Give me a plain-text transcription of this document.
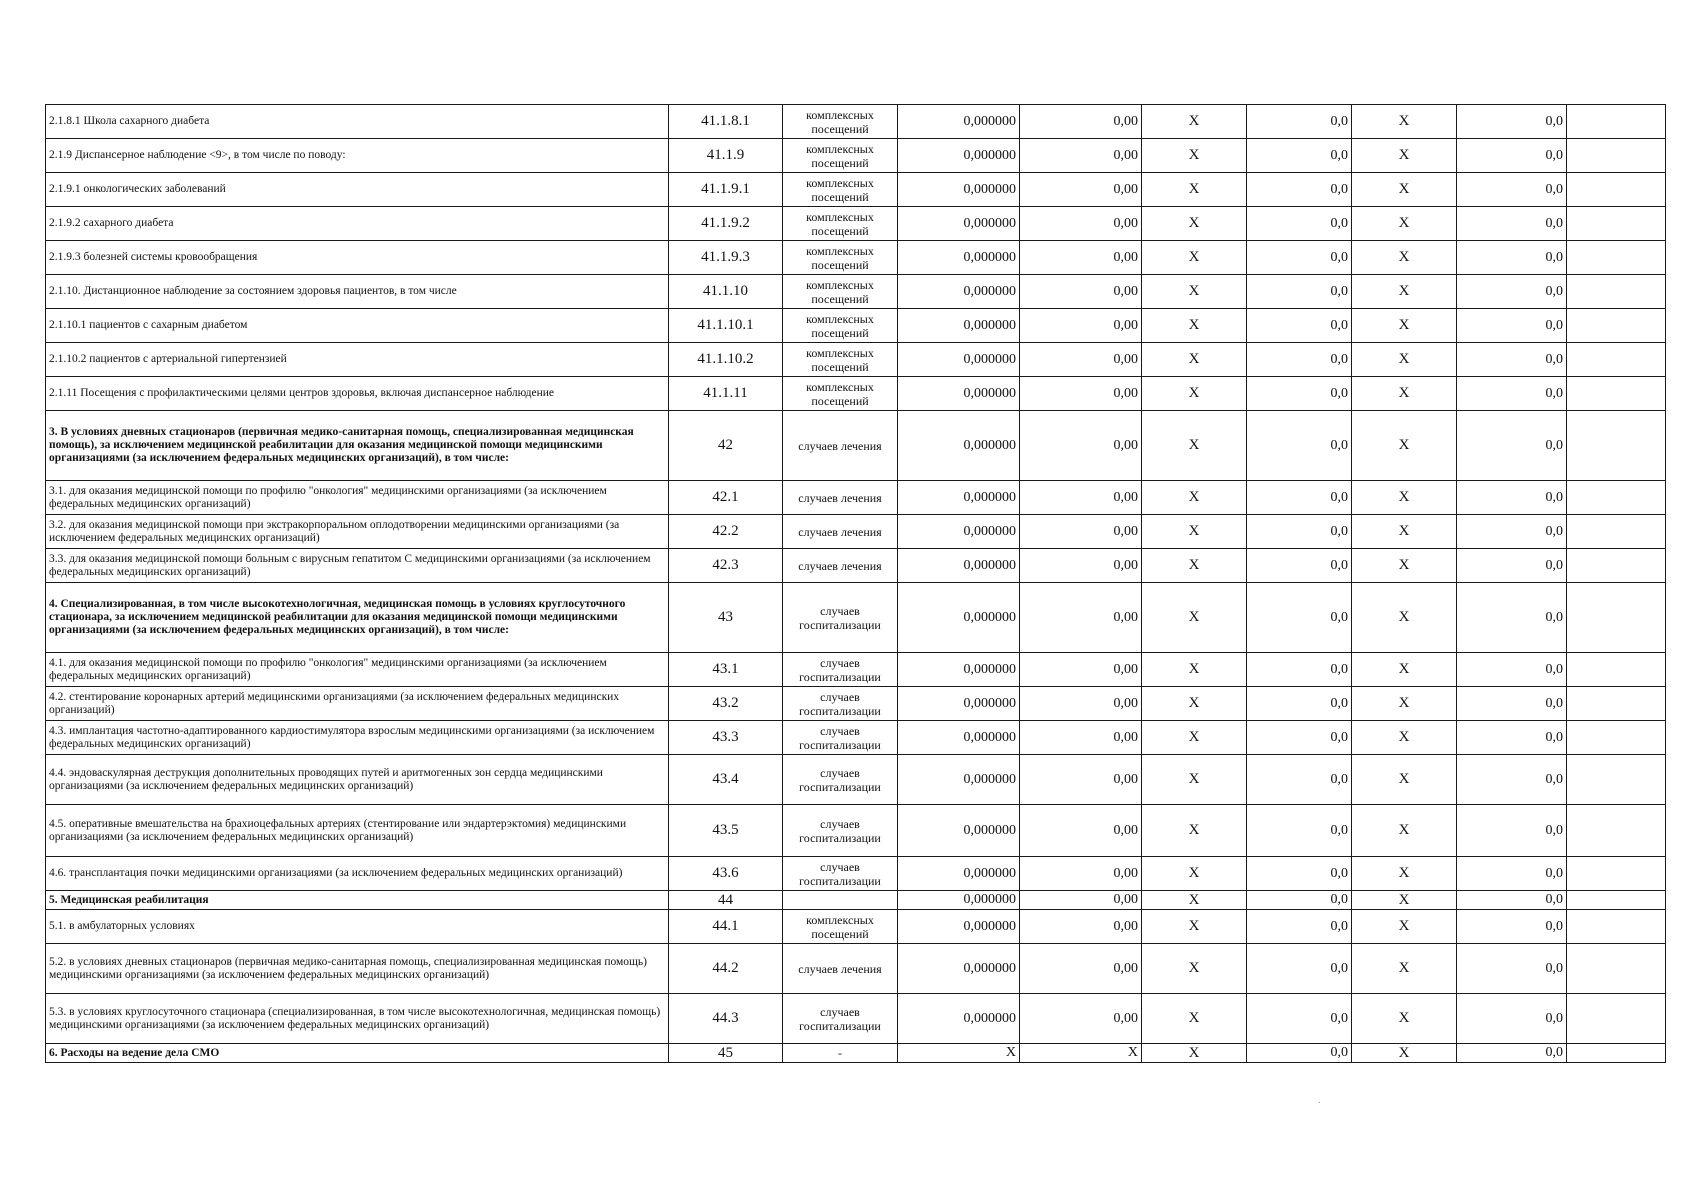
2.1.8.1 Школа сахарного диабета	41.1.8.1	комплексных посещений	0,000000	0,00	X	0,0	X	0,0	
2.1.9 Диспансерное наблюдение <9>, в том числе по поводу:	41.1.9	комплексных посещений	0,000000	0,00	X	0,0	X	0,0	
2.1.9.1 онкологических заболеваний	41.1.9.1	комплексных посещений	0,000000	0,00	X	0,0	X	0,0	
2.1.9.2 сахарного диабета	41.1.9.2	комплексных посещений	0,000000	0,00	X	0,0	X	0,0	
2.1.9.3 болезней системы кровообращения	41.1.9.3	комплексных посещений	0,000000	0,00	X	0,0	X	0,0	
2.1.10. Дистанционное наблюдение за состоянием здоровья пациентов, в том числе	41.1.10	комплексных посещений	0,000000	0,00	X	0,0	X	0,0	
2.1.10.1 пациентов с сахарным диабетом	41.1.10.1	комплексных посещений	0,000000	0,00	X	0,0	X	0,0	
2.1.10.2 пациентов с артериальной гипертензией	41.1.10.2	комплексных посещений	0,000000	0,00	X	0,0	X	0,0	
2.1.11 Посещения с профилактическими целями центров здоровья, включая диспансерное наблюдение	41.1.11	комплексных посещений	0,000000	0,00	X	0,0	X	0,0	
3. В условиях дневных стационаров (первичная медико-санитарная помощь, специализированная медицинская помощь), за исключением медицинской реабилитации для оказания медицинской помощи медицинскими организациями (за исключением федеральных медицинских организаций), в том числе:	42	случаев лечения	0,000000	0,00	X	0,0	X	0,0	
3.1. для оказания медицинской помощи по профилю "онкология" медицинскими организациями (за исключением федеральных медицинских организаций)	42.1	случаев лечения	0,000000	0,00	X	0,0	X	0,0	
3.2. для оказания медицинской помощи при экстракорпоральном оплодотворении медицинскими организациями (за исключением федеральных медицинских организаций)	42.2	случаев лечения	0,000000	0,00	X	0,0	X	0,0	
3.3. для оказания медицинской помощи больным с вирусным гепатитом С медицинскими организациями (за исключением федеральных медицинских организаций)	42.3	случаев лечения	0,000000	0,00	X	0,0	X	0,0	
4. Специализированная, в том числе высокотехнологичная, медицинская помощь в условиях круглосуточного стационара, за исключением медицинской реабилитации для оказания медицинской помощи медицинскими организациями (за исключением федеральных медицинских организаций), в том числе:	43	случаев госпитализации	0,000000	0,00	X	0,0	X	0,0	
4.1. для оказания медицинской помощи по профилю "онкология" медицинскими организациями (за исключением федеральных медицинских организаций)	43.1	случаев госпитализации	0,000000	0,00	X	0,0	X	0,0	
4.2. стентирование коронарных артерий медицинскими организациями (за исключением федеральных медицинских организаций)	43.2	случаев госпитализации	0,000000	0,00	X	0,0	X	0,0	
4.3. имплантация частотно-адаптированного кардиостимулятора взрослым медицинскими организациями (за исключением федеральных медицинских организаций)	43.3	случаев госпитализации	0,000000	0,00	X	0,0	X	0,0	
4.4. эндоваскулярная деструкция дополнительных проводящих путей и аритмогенных зон сердца медицинскими организациями (за исключением федеральных медицинских организаций)	43.4	случаев госпитализации	0,000000	0,00	X	0,0	X	0,0	
4.5. оперативные вмешательства на брахиоцефальных артериях (стентирование или эндартерэктомия) медицинскими организациями (за исключением федеральных медицинских организаций)	43.5	случаев госпитализации	0,000000	0,00	X	0,0	X	0,0	
4.6. трансплантация почки медицинскими организациями (за исключением федеральных медицинских организаций)	43.6	случаев госпитализации	0,000000	0,00	X	0,0	X	0,0	
5. Медицинская реабилитация	44		0,000000	0,00	X	0,0	X	0,0	
5.1. в амбулаторных условиях	44.1	комплексных посещений	0,000000	0,00	X	0,0	X	0,0	
5.2. в условиях дневных стационаров (первичная медико-санитарная помощь, специализированная медицинская помощь) медицинскими организациями (за исключением федеральных медицинских организаций)	44.2	случаев лечения	0,000000	0,00	X	0,0	X	0,0	
5.3. в условиях круглосуточного стационара (специализированная, в том числе высокотехнологичная, медицинская помощь) медицинскими организациями (за исключением федеральных медицинских организаций)	44.3	случаев госпитализации	0,000000	0,00	X	0,0	X	0,0	
6. Расходы на ведение дела СМО	45	-	X	X	X	0,0	X	0,0	
.
